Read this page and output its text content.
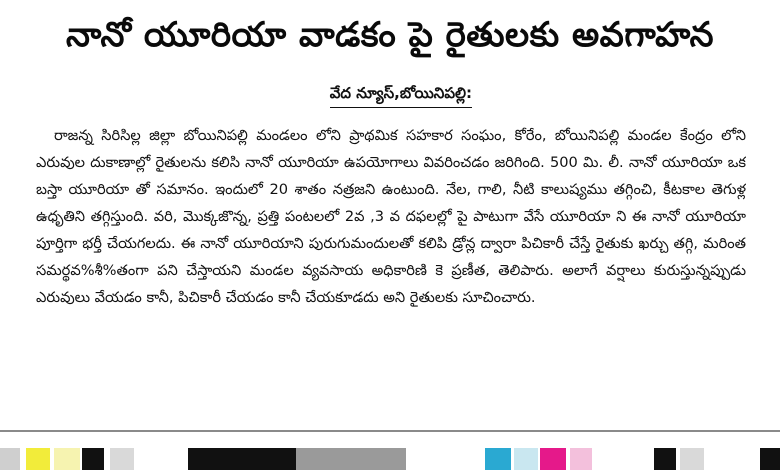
నానో యూరియా వాడకం పై రైతులకు అవగాహన
వేద న్యూస్,బోయినిపల్లి:

రాజన్న సిరిసిల్ల జిల్లా బోయినిపల్లి మండలం లోని ప్రాథమిక సహకార సంఘం, కోరేం, బోయినిపల్లి మండల కేంద్రం లోని ఎరువుల దుకాణాల్లో రైతులను కలిసి నానో యూరియా ఉపయోగాలు వివరించడం జరిగింది. 500 మి. లీ. నానో యూరియా ఒక బస్తా యూరియా తో సమానం. ఇందులో 20 శాతం నత్రజని ఉంటుంది. నేల, గాలి, నీటి కాలుష్యము తగ్గించి, కీటకాల తెగుళ్ల ఉధృతిని తగ్గిస్తుంది. వరి, మొక్కజొన్న, ప్రత్తి పంటలలో 2వ ,3 వ దఫలల్లో పై పాటుగా వేసే యూరియా ని ఈ నానో యూరియా పూర్తిగా భర్తీ చేయగలదు. ఈ నానో యూరియాని పురుగుమందులతో కలిపి డ్రోన్ల ద్వారా పిచికారీ చేస్తే రైతుకు ఖర్చు తగ్గి, మరింత సమర్థవ%శీ%తంగా పని చేస్తాయని మండల వ్యవసాయ అధికారిణి కె ప్రణీత, తెలిపారు. అలాగే వర్షాలు కురుస్తున్నప్పుడు ఎరువులు వేయడం కానీ, పిచికారీ చేయడం కానీ చేయకూడదు అని రైతులకు సూచించారు.
